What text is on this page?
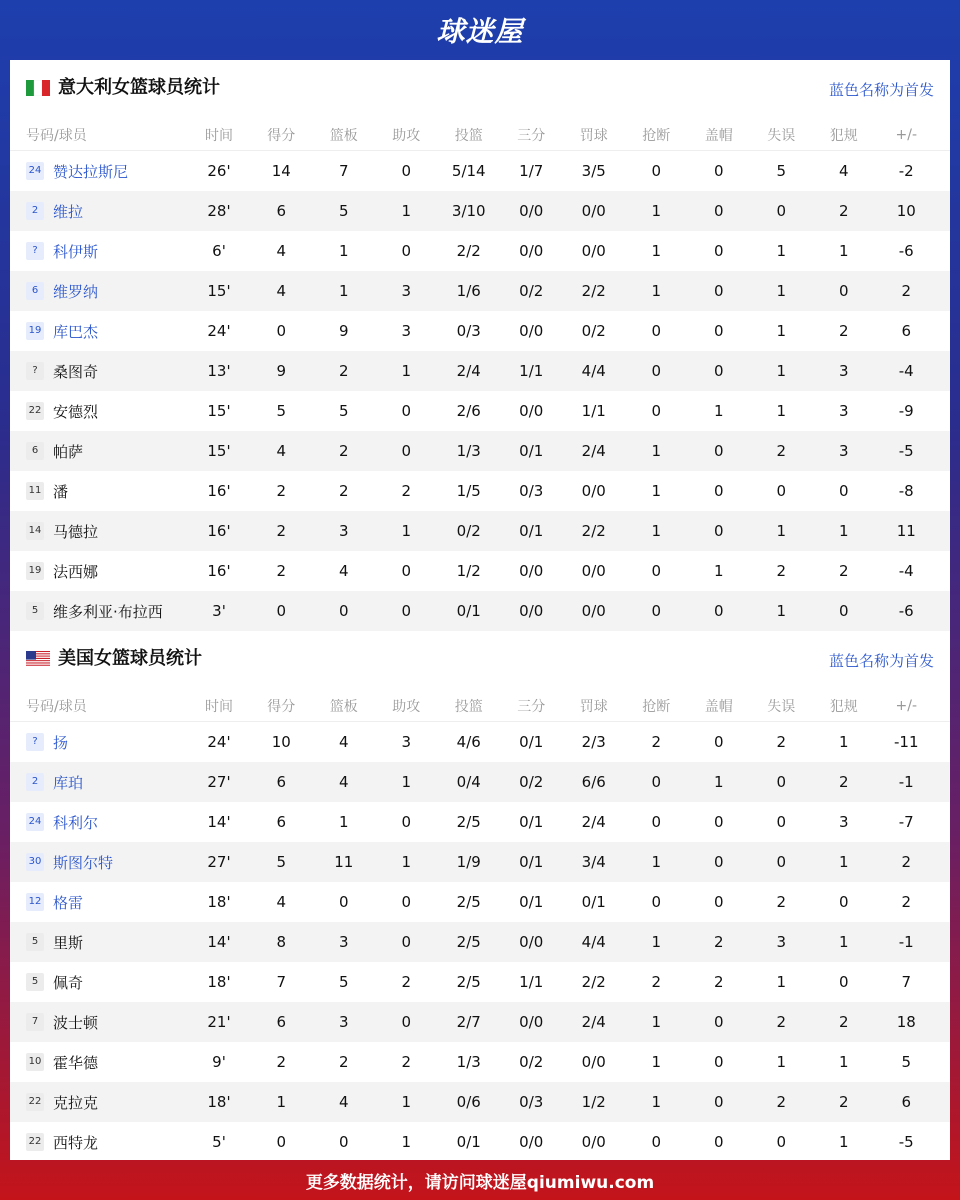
球迷屋
意大利女篮球员统计	蓝色名称为首发
号码/球员	时间	得分	篮板	助攻	投篮	三分	罚球	抢断	盖帽	失误	犯规	+/-
24 赞达拉斯尼	26'	14	7	0	5/14	1/7	3/5	0	0	5	4	-2
2 维拉	28'	6	5	1	3/10	0/0	0/0	1	0	0	2	10
?	科伊斯	6'	4	1	0	2/2	0/0	0/0	1	0	1	1	-6
6 维罗纳	15'	4	1	3	1/6	0/2	2/2	1	0	1	0	2
19 库巴杰	24'	0	9	3	0/3	0/0	0/2	0	0	1	2	6
?	桑图奇	13'	9	2	1	2/4	1/1	4/4	0	0	1	3	-4
22 安德烈	15'	5	5	0	2/6	0/0	1/1	0	1	1	3	-9
6 帕萨	15'	4	2	0	1/3	0/1	2/4	1	0	2	3	-5
11 潘	16'	2	2	2	1/5	0/3	0/0	1	0	0	0	-8
14 马德拉	16'	2	3	1	0/2	0/1	2/2	1	0	1	1	11
19 法西娜	16'	2	4	0	1/2	0/0	0/0	0	1	2	2	-4
5 维多利亚·布拉西	3'	0	0	0	0/1	0/0	0/0	0	0	1	0	-6
美国女篮球员统计	蓝色名称为首发
号码/球员	时间	得分	篮板	助攻	投篮	三分	罚球	抢断	盖帽	失误	犯规	+/-
?	扬	24'	10	4	3	4/6	0/1	2/3	2	0	2	1	-11
2 库珀	27'	6	4	1	0/4	0/2	6/6	0	1	0	2	-1
24 科利尔	14'	6	1	0	2/5	0/1	2/4	0	0	0	3	-7
30 斯图尔特	27'	5	11	1	1/9	0/1	3/4	1	0	0	1	2
12 格雷	18'	4	0	0	2/5	0/1	0/1	0	0	2	0	2
5 里斯	14'	8	3	0	2/5	0/0	4/4	1	2	3	1	-1
5 佩奇	18'	7	5	2	2/5	1/1	2/2	2	2	1	0	7
7 波士顿	21'	6	3	0	2/7	0/0	2/4	1	0	2	2	18
10 霍华德	9'	2	2	2	1/3	0/2	0/0	1	0	1	1	5
22 克拉克	18'	1	4	1	0/6	0/3	1/2	1	0	2	2	6
22 西特龙	5'	0	0	1	0/1	0/0	0/0	0	0	0	1	-5
更多数据统计，请访问球迷屋qiumiwu.com
